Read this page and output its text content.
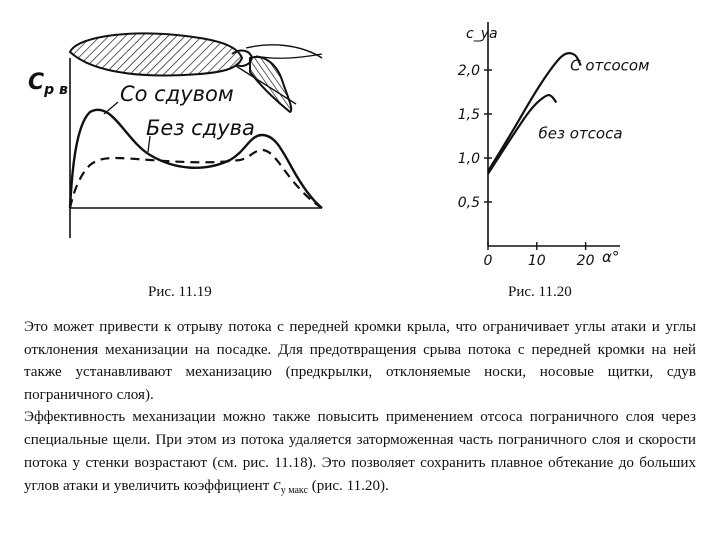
$C_{p в}$ Со сдувом
Без сдува
0,5
1,0
1,5
2,0
0	10 20
С отсосом
без отсоса
c_ya
α°
Рис. 11.19	Рис. 11.20

Это может привести к отрыву потока с передней кромки крыла, что ограничивает углы атаки и углы отклонения механизации на посадке. Для предотвращения срыва потока с передней кромки на ней также устанавливают механизацию (предкрылки, отклоняемые носки, носовые щитки, сдув пограничного слоя).

Эффективность механизации можно также повысить применением отсоса пограничного слоя через специальные щели. При этом из потока удаляется заторможенная часть пограничного слоя и скорости потока у стенки возрастают (см. рис. 11.18). Это позволяет сохранить плавное обтекание до больших углов атаки и увеличить коэффициент $c_{y макс}$ (рис. 11.20).
